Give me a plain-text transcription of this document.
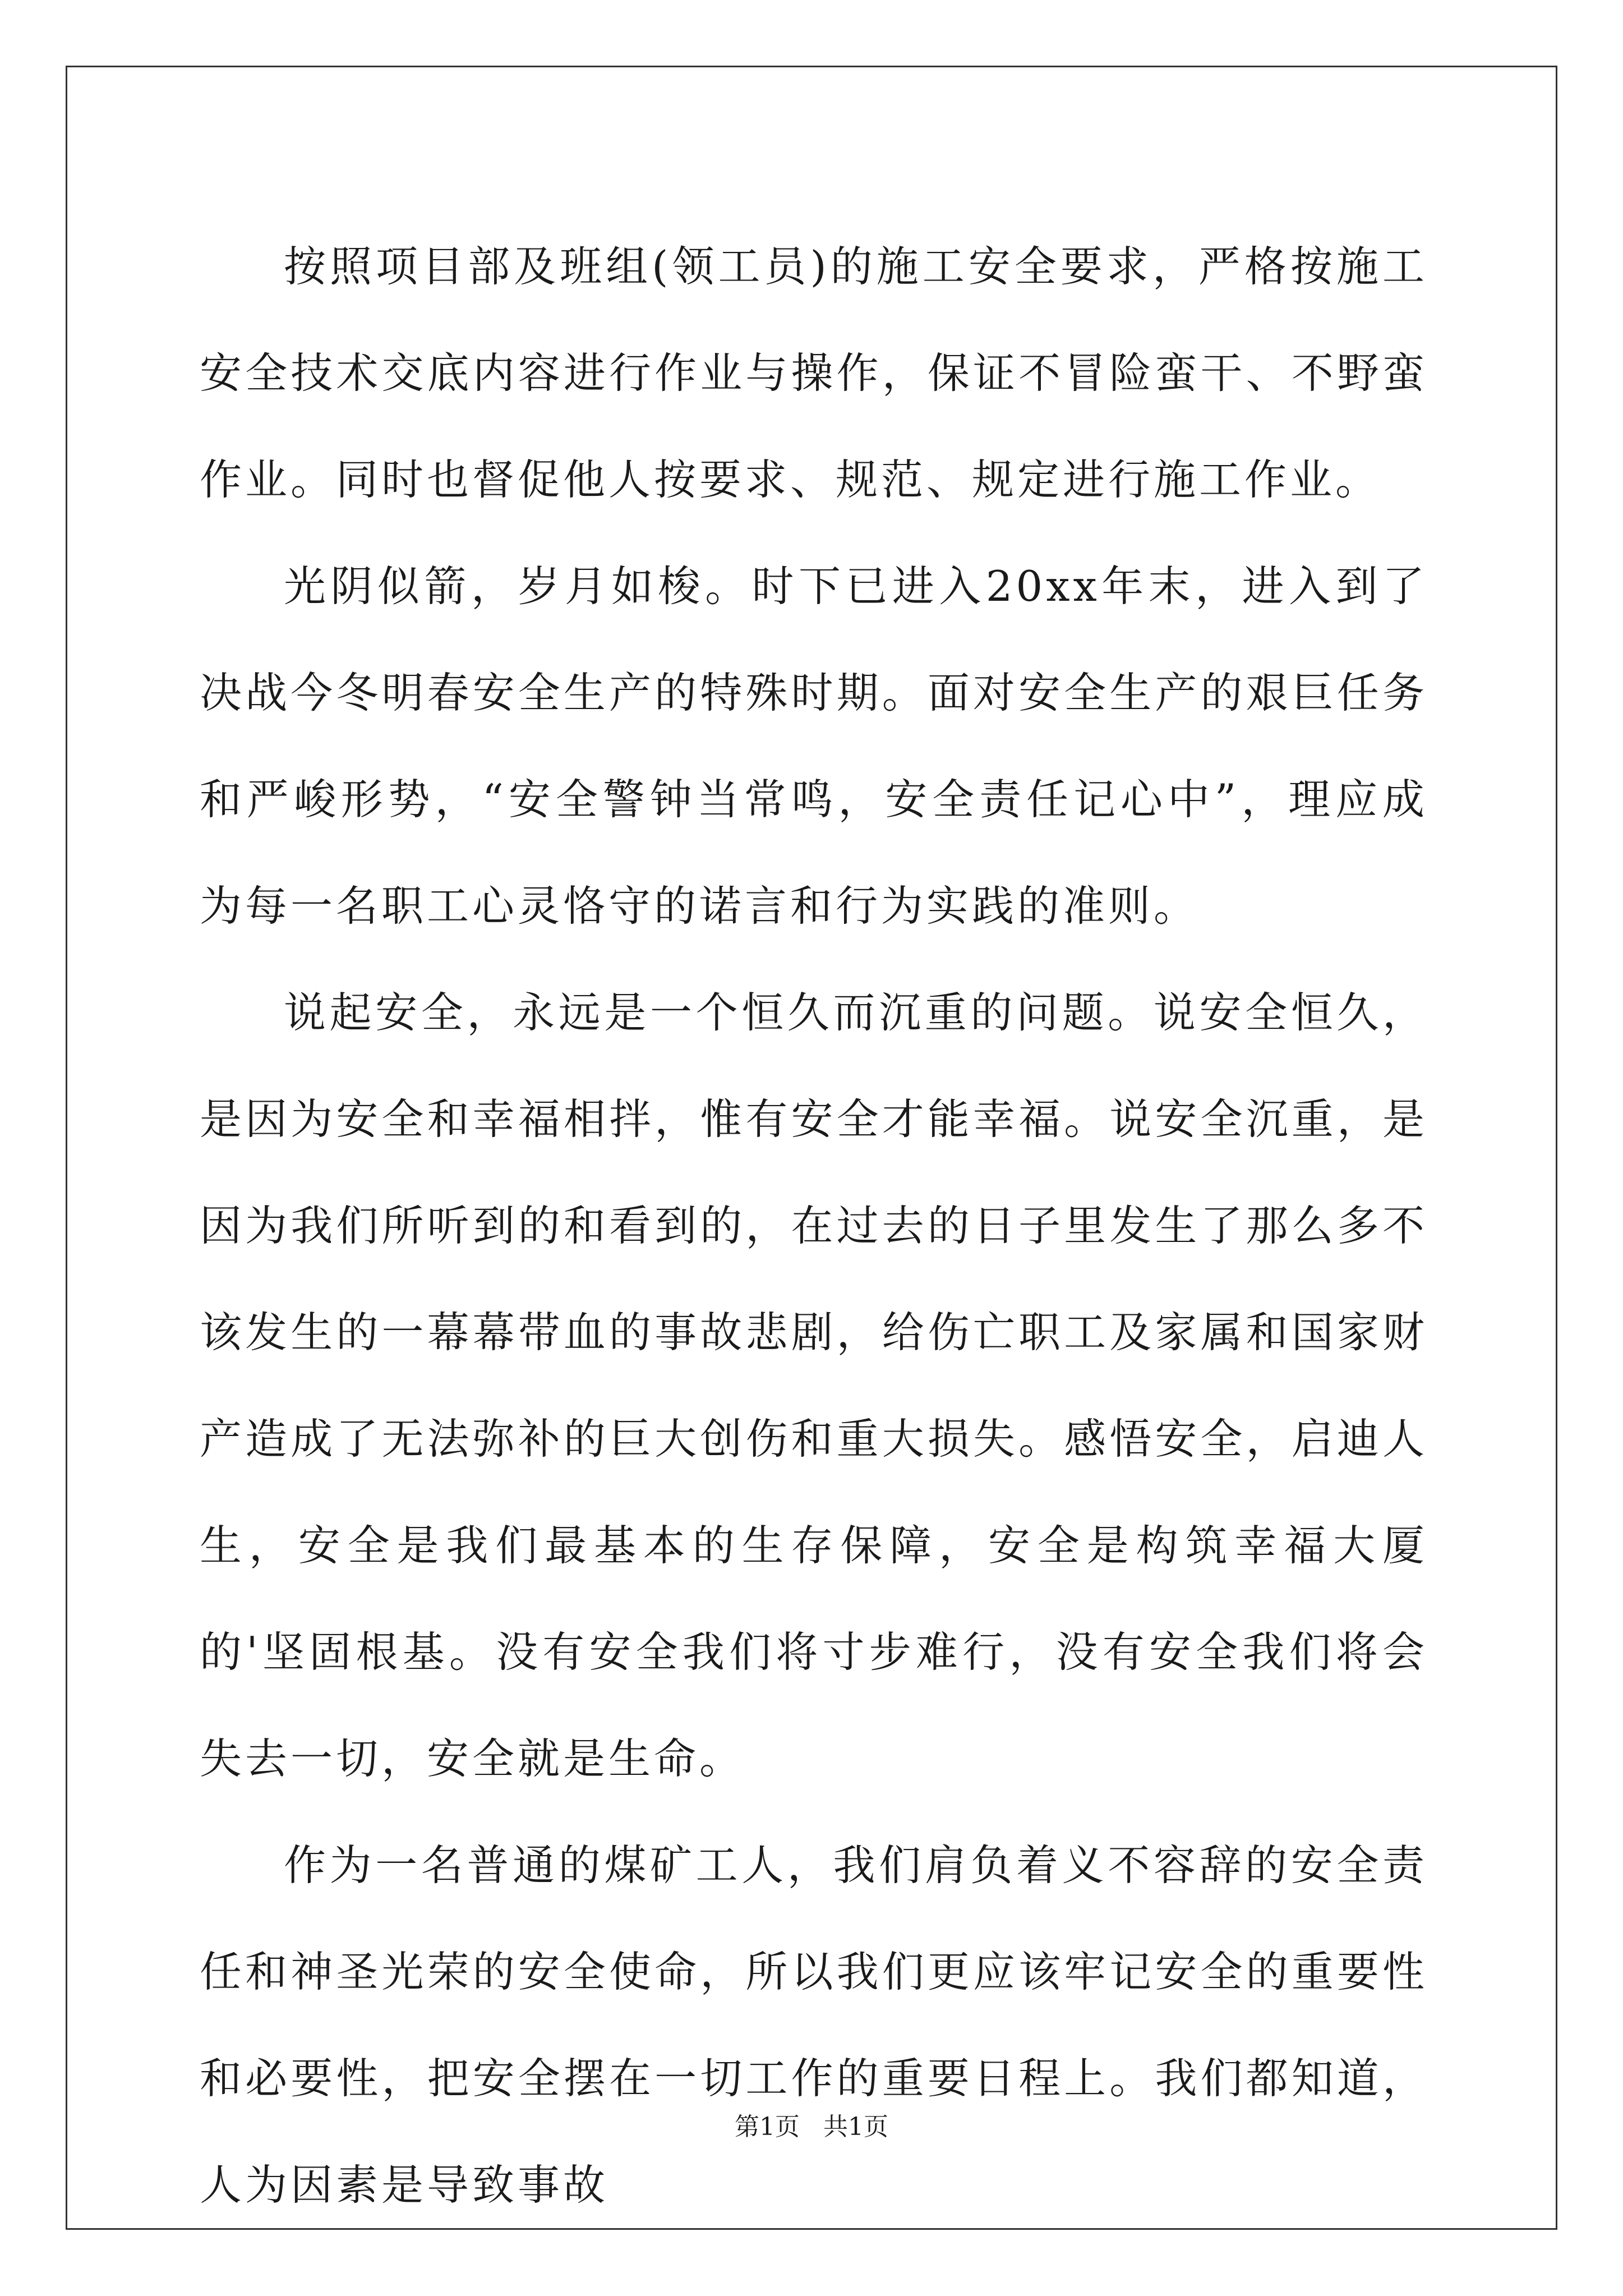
按照项目部及班组(领工员)的施工安全要求，严格按施工安全技术交底内容进行作业与操作，保证不冒险蛮干、不野蛮作业。同时也督促他人按要求、规范、规定进行施工作业。

光阴似箭，岁月如梭。时下已进入20xx年末，进入到了决战今冬明春安全生产的特殊时期。面对安全生产的艰巨任务和严峻形势，“安全警钟当常鸣，安全责任记心中”，理应成为每一名职工心灵恪守的诺言和行为实践的准则。

说起安全，永远是一个恒久而沉重的问题。说安全恒久，是因为安全和幸福相拌，惟有安全才能幸福。说安全沉重，是因为我们所听到的和看到的，在过去的日子里发生了那么多不该发生的一幕幕带血的事故悲剧，给伤亡职工及家属和国家财产造成了无法弥补的巨大创伤和重大损失。感悟安全，启迪人生，安全是我们最基本的生存保障，安全是构筑幸福大厦的'坚固根基。没有安全我们将寸步难行，没有安全我们将会失去一切，安全就是生命。

作为一名普通的煤矿工人，我们肩负着义不容辞的安全责任和神圣光荣的安全使命，所以我们更应该牢记安全的重要性和必要性，把安全摆在一切工作的重要日程上。我们都知道，人为因素是导致事故

第1页   共1页
